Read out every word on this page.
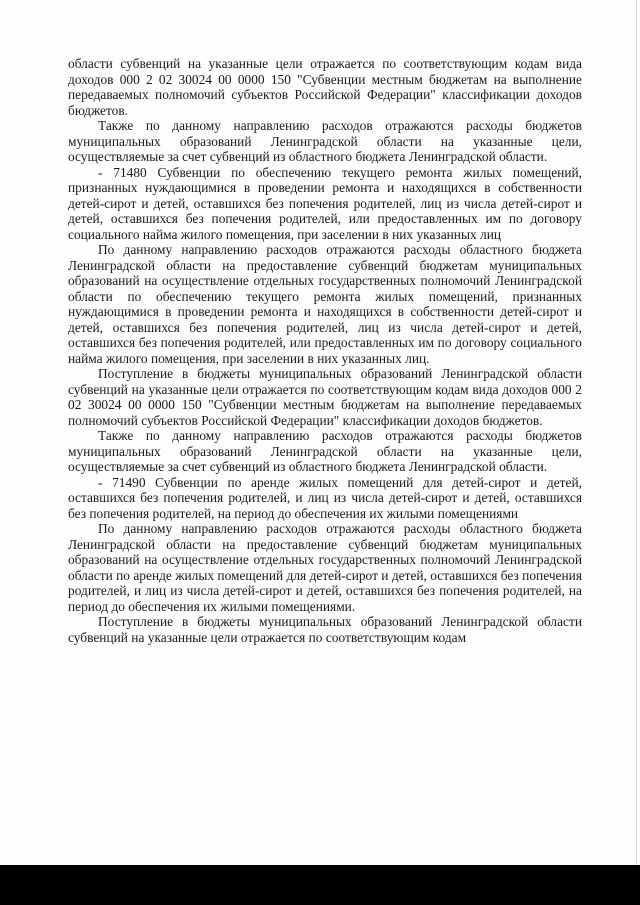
области субвенций на указанные цели отражается по соответствующим кодам вида доходов 000 2 02 30024 00 0000 150 "Субвенции местным бюджетам на выполнение передаваемых полномочий субъектов Российской Федерации" классификации доходов бюджетов.

Также по данному направлению расходов отражаются расходы бюджетов муниципальных образований Ленинградской области на указанные цели, осуществляемые за счет субвенций из областного бюджета Ленинградской области.

- 71480 Субвенции по обеспечению текущего ремонта жилых помещений, признанных нуждающимися в проведении ремонта и находящихся в собственности детей-сирот и детей, оставшихся без попечения родителей, лиц из числа детей-сирот и детей, оставшихся без попечения родителей, или предоставленных им по договору социального найма жилого помещения, при заселении в них указанных лиц

По данному направлению расходов отражаются расходы областного бюджета Ленинградской области на предоставление субвенций бюджетам муниципальных образований на осуществление отдельных государственных полномочий Ленинградской области по обеспечению текущего ремонта жилых помещений, признанных нуждающимися в проведении ремонта и находящихся в собственности детей-сирот и детей, оставшихся без попечения родителей, лиц из числа детей-сирот и детей, оставшихся без попечения родителей, или предоставленных им по договору социального найма жилого помещения, при заселении в них указанных лиц.

Поступление в бюджеты муниципальных образований Ленинградской области субвенций на указанные цели отражается по соответствующим кодам вида доходов 000 2 02 30024 00 0000 150 "Субвенции местным бюджетам на выполнение передаваемых полномочий субъектов Российской Федерации" классификации доходов бюджетов.

Также по данному направлению расходов отражаются расходы бюджетов муниципальных образований Ленинградской области на указанные цели, осуществляемые за счет субвенций из областного бюджета Ленинградской области.

- 71490 Субвенции по аренде жилых помещений для детей-сирот и детей, оставшихся без попечения родителей, и лиц из числа детей-сирот и детей, оставшихся без попечения родителей, на период до обеспечения их жилыми помещениями

По данному направлению расходов отражаются расходы областного бюджета Ленинградской области на предоставление субвенций бюджетам муниципальных образований на осуществление отдельных государственных полномочий Ленинградской области по аренде жилых помещений для детей-сирот и детей, оставшихся без попечения родителей, и лиц из числа детей-сирот и детей, оставшихся без попечения родителей, на период до обеспечения их жилыми помещениями.

Поступление в бюджеты муниципальных образований Ленинградской области субвенций на указанные цели отражается по соответствующим кодам
